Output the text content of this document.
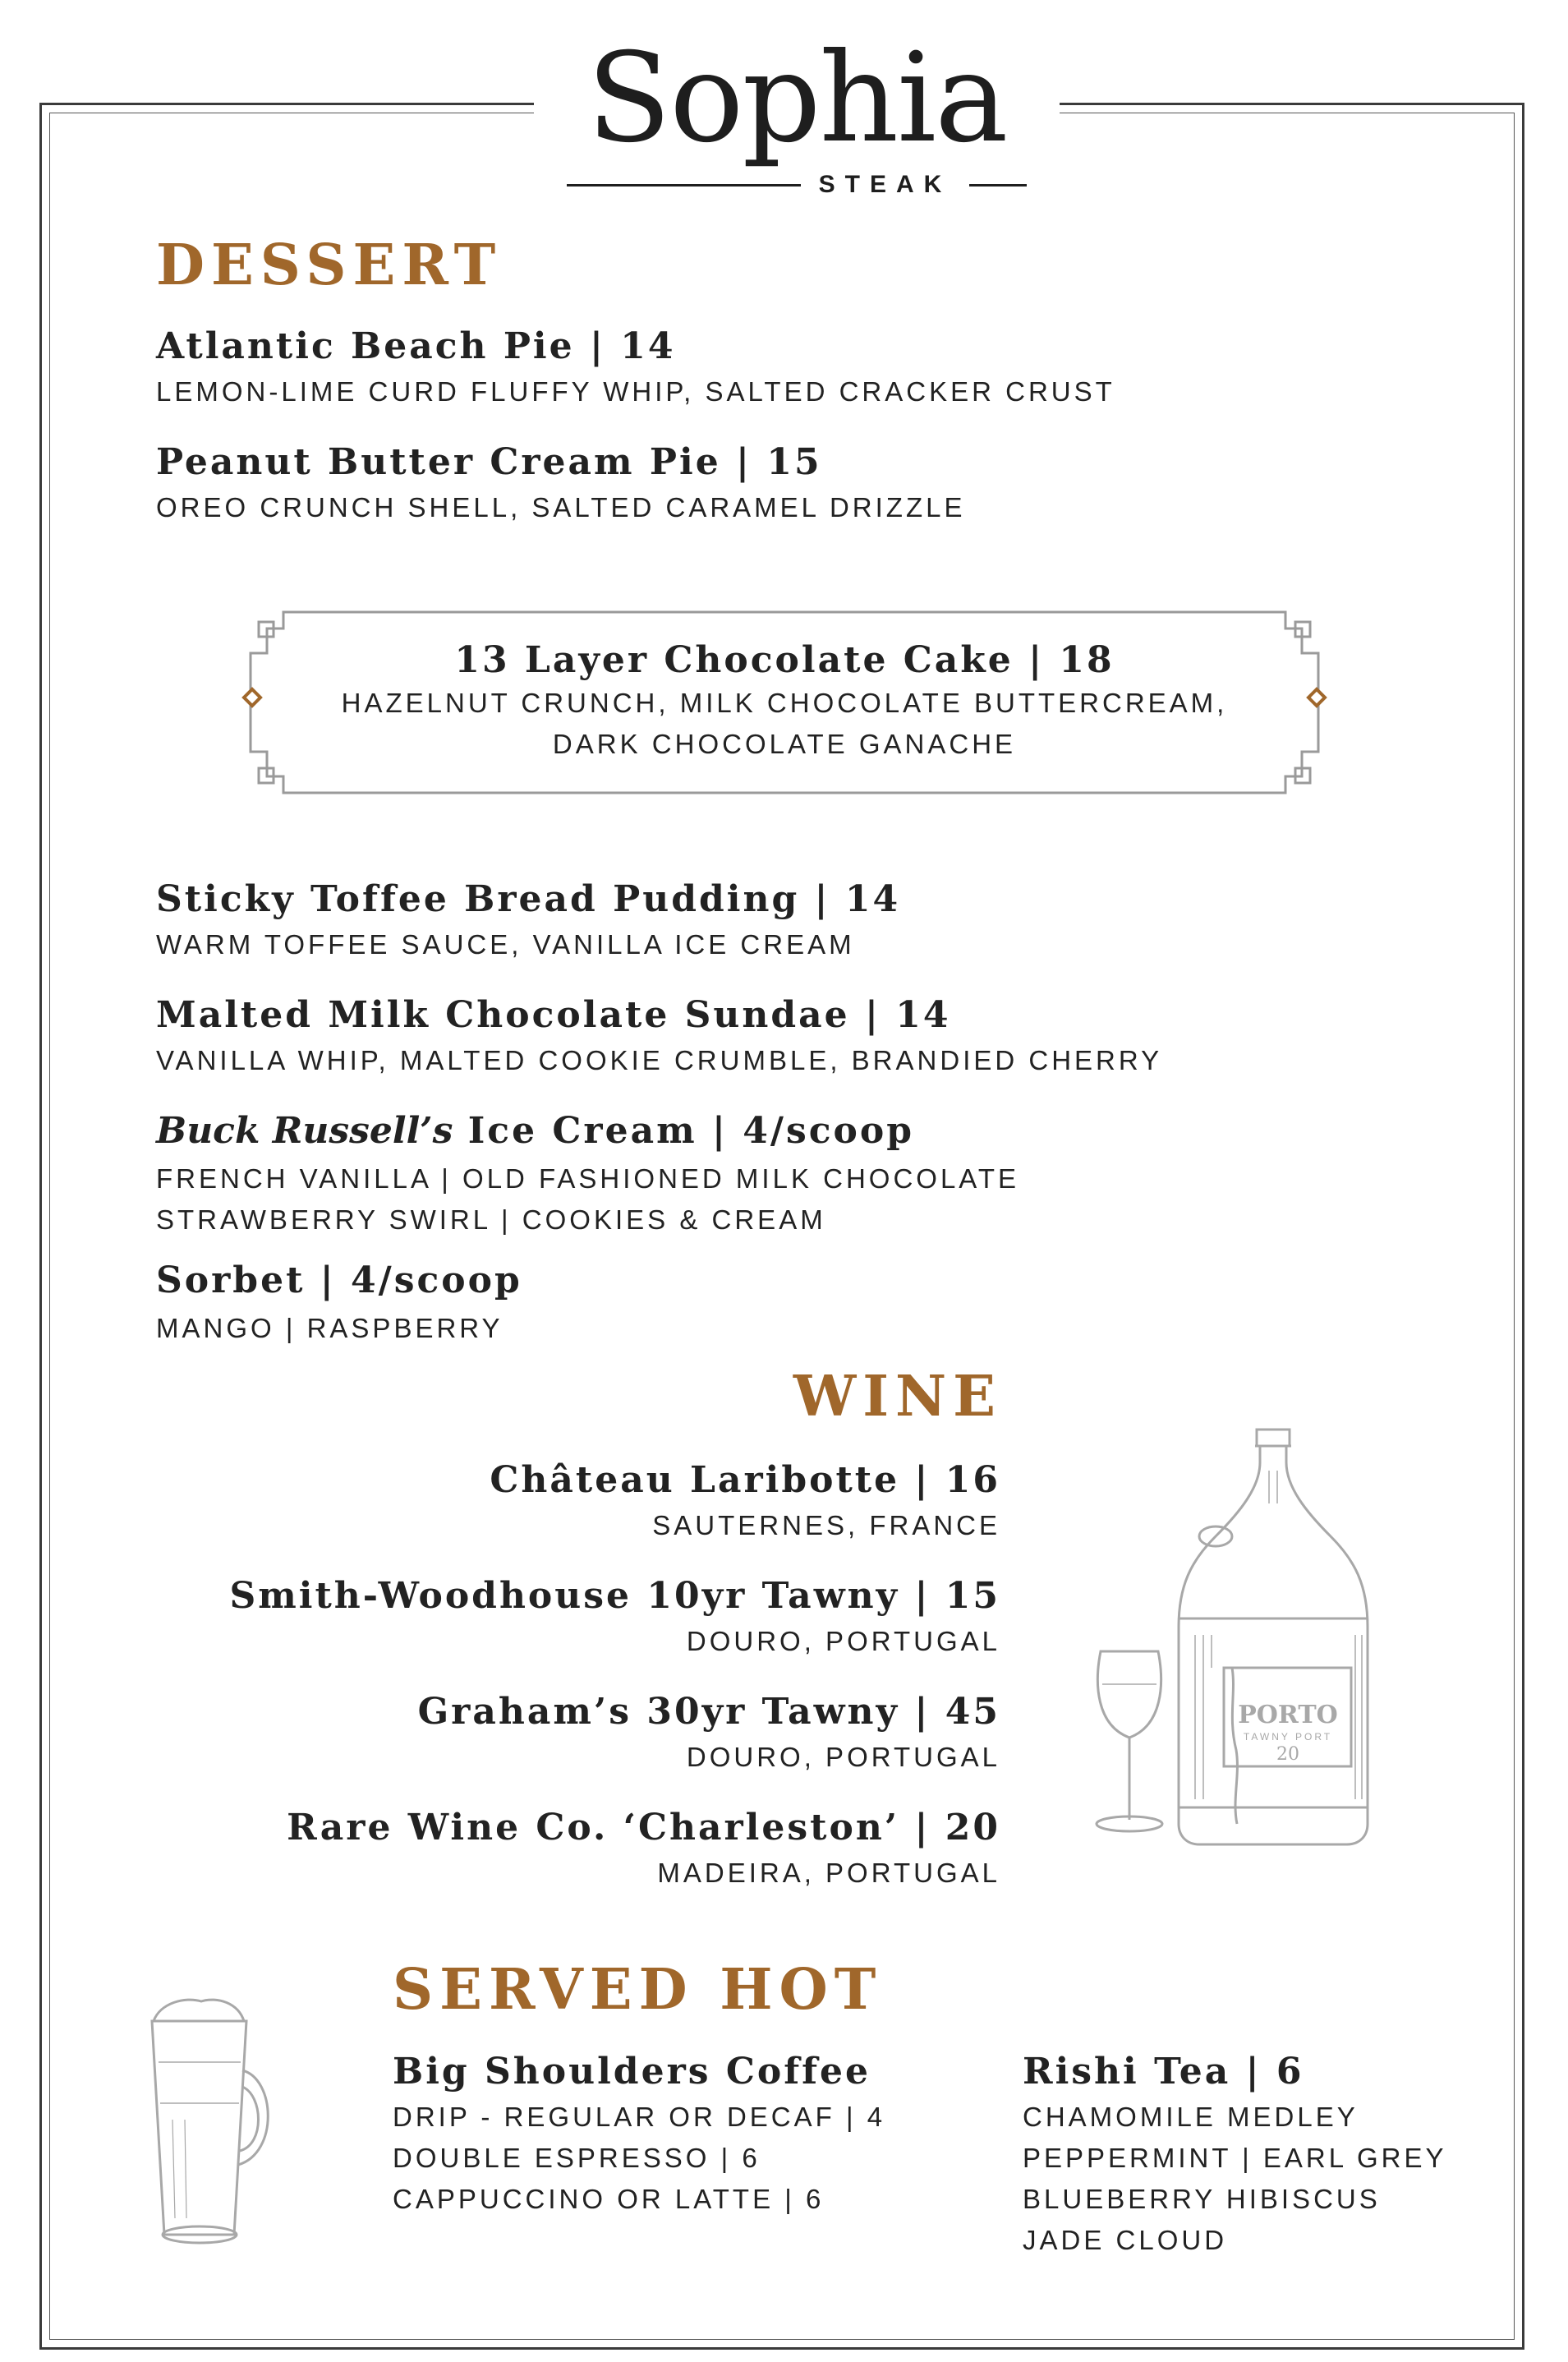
Sophia
STEAK
DESSERT
Atlantic Beach Pie | 14
LEMON-LIME CURD FLUFFY WHIP, SALTED CRACKER CRUST
Peanut Butter Cream Pie | 15
OREO CRUNCH SHELL, SALTED CARAMEL DRIZZLE
13 Layer Chocolate Cake | 18
HAZELNUT CRUNCH, MILK CHOCOLATE BUTTERCREAM,
DARK CHOCOLATE GANACHE
Sticky Toffee Bread Pudding | 14
WARM TOFFEE SAUCE, VANILLA ICE CREAM
Malted Milk Chocolate Sundae | 14
VANILLA WHIP, MALTED COOKIE CRUMBLE, BRANDIED CHERRY
Buck Russell’s Ice Cream | 4/scoop
FRENCH VANILLA | OLD FASHIONED MILK CHOCOLATE
STRAWBERRY SWIRL | COOKIES & CREAM
Sorbet | 4/scoop
MANGO | RASPBERRY
WINE
Château Laribotte | 16
SAUTERNES, FRANCE
Smith-Woodhouse 10yr Tawny | 15
DOURO, PORTUGAL
Graham’s 30yr Tawny | 45
DOURO, PORTUGAL
Rare Wine Co. ‘Charleston’ | 20
MADEIRA, PORTUGAL
PORTO
TAWNY PORT
20
SERVED HOT
Big Shoulders Coffee
DRIP - REGULAR OR DECAF | 4
DOUBLE ESPRESSO | 6
CAPPUCCINO OR LATTE | 6
Rishi Tea | 6
CHAMOMILE MEDLEY
PEPPERMINT | EARL GREY
BLUEBERRY HIBISCUS
JADE CLOUD
